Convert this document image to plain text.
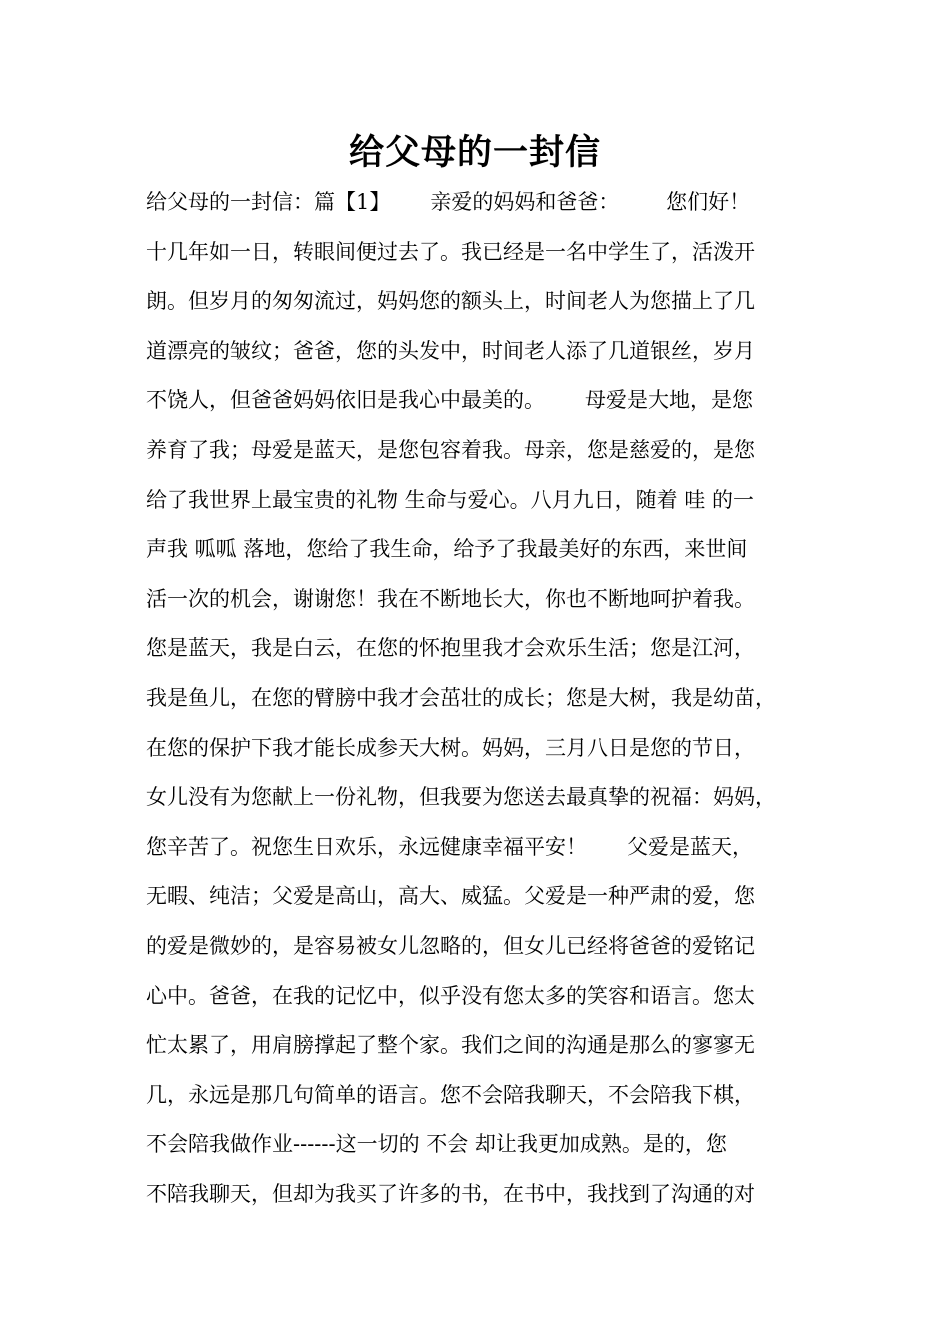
给父母的一封信
给父母的一封信：篇【1】      亲爱的妈妈和爸爸：       您们好！
十几年如一日，转眼间便过去了。我已经是一名中学生了，活泼开
朗。但岁月的匆匆流过，妈妈您的额头上，时间老人为您描上了几
道漂亮的皱纹；爸爸，您的头发中，时间老人添了几道银丝，岁月
不饶人，但爸爸妈妈依旧是我心中最美的。      母爱是大地，是您
养育了我；母爱是蓝天，是您包容着我。母亲，您是慈爱的，是您
给了我世界上最宝贵的礼物 生命与爱心。八月九日，随着 哇 的一
声我 呱呱 落地，您给了我生命，给予了我最美好的东西，来世间
活一次的机会，谢谢您！我在不断地长大，你也不断地呵护着我。
您是蓝天，我是白云，在您的怀抱里我才会欢乐生活；您是江河，
我是鱼儿，在您的臂膀中我才会茁壮的成长；您是大树，我是幼苗，
在您的保护下我才能长成参天大树。妈妈，三月八日是您的节日，
女儿没有为您献上一份礼物，但我要为您送去最真挚的祝福：妈妈，
您辛苦了。祝您生日欢乐，永远健康幸福平安！      父爱是蓝天，
无暇、纯洁；父爱是高山，高大、威猛。父爱是一种严肃的爱，您
的爱是微妙的，是容易被女儿忽略的，但女儿已经将爸爸的爱铭记
心中。爸爸，在我的记忆中，似乎没有您太多的笑容和语言。您太
忙太累了，用肩膀撑起了整个家。我们之间的沟通是那么的寥寥无
几，永远是那几句简单的语言。您不会陪我聊天，不会陪我下棋，
不会陪我做作业------这一切的 不会 却让我更加成熟。是的，您
不陪我聊天，但却为我买了许多的书，在书中，我找到了沟通的对
